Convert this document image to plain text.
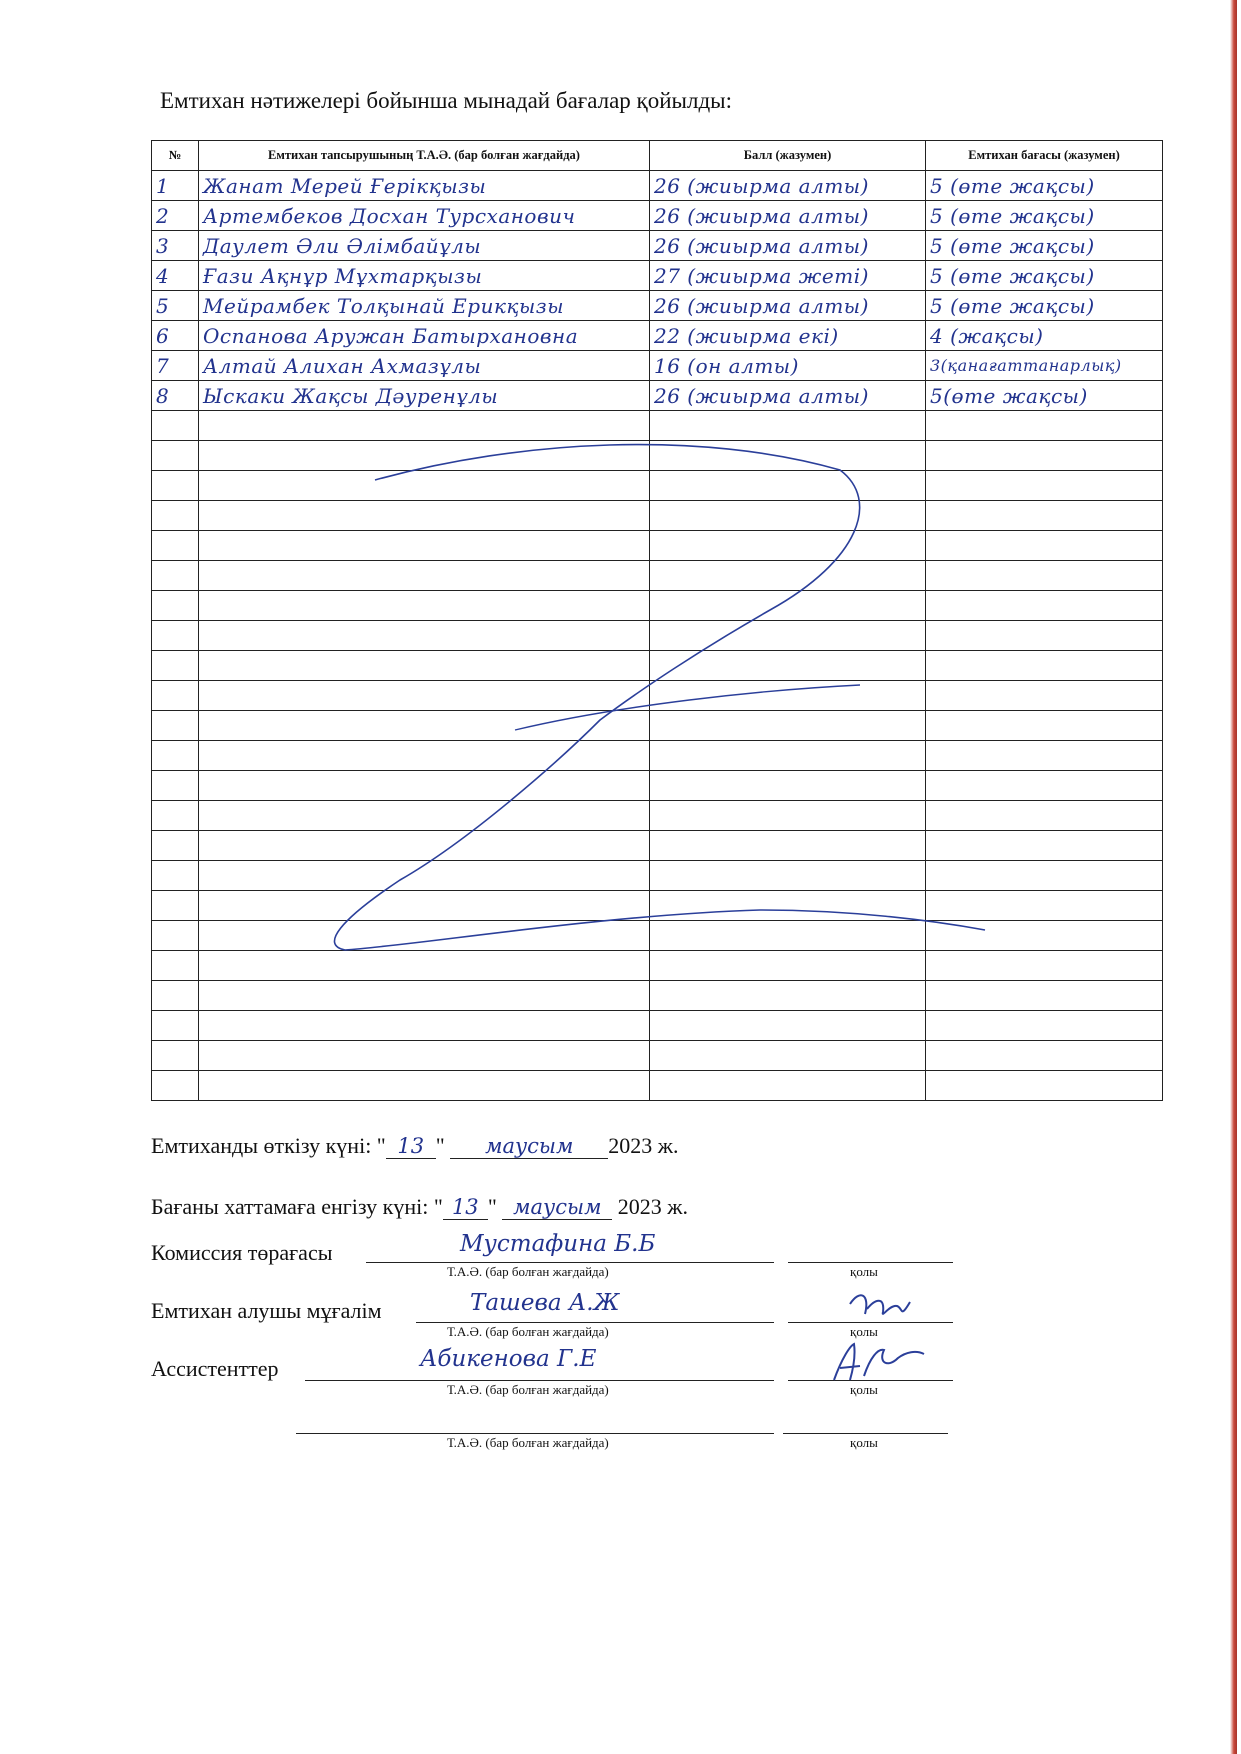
Емтихан нәтижелері бойынша мынадай бағалар қойылды:
№	Емтихан тапсырушының Т.А.Ә. (бар болған жағдайда)	Балл (жазумен)	Емтихан бағасы (жазумен)
1	Жанат Мерей Ғерікқызы	26 (жиырма алты)	5 (өте жақсы)
2	Артембеков Досхан Турсханович	26 (жиырма алты)	5 (өте жақсы)
3	Даулет Әли Әлімбайұлы	26 (жиырма алты)	5 (өте жақсы)
4	Ғази Ақнұр Мұхтарқызы	27 (жиырма жеті)	5 (өте жақсы)
5	Мейрамбек Толқынай Ерикқызы	26 (жиырма алты)	5 (өте жақсы)
6	Оспанова Аружан Батырхановна	22 (жиырма екі)	4 (жақсы)
7	Алтай Алихан Ахмазұлы	16 (он алты)	3(қанағаттанарлық)
8	Ыскаки Жақсы Дәуренұлы	26 (жиырма алты)	5(өте жақсы)

Емтиханды өткізу күні: " 13 " маусым 2023 ж.
Бағаны хаттамаға енгізу күні: " 13 " маусым 2023 ж.
Комиссия төрағасы	Мустафина Б.Б
Т.А.Ә. (бар болған жағдайда)	қолы
Емтихан алушы мұғалім	Ташева А.Ж
Т.А.Ә. (бар болған жағдайда)	қолы
Ассистенттер	Абикенова Г.Е
Т.А.Ә. (бар болған жағдайда)	қолы
Т.А.Ә. (бар болған жағдайда)	қолы
